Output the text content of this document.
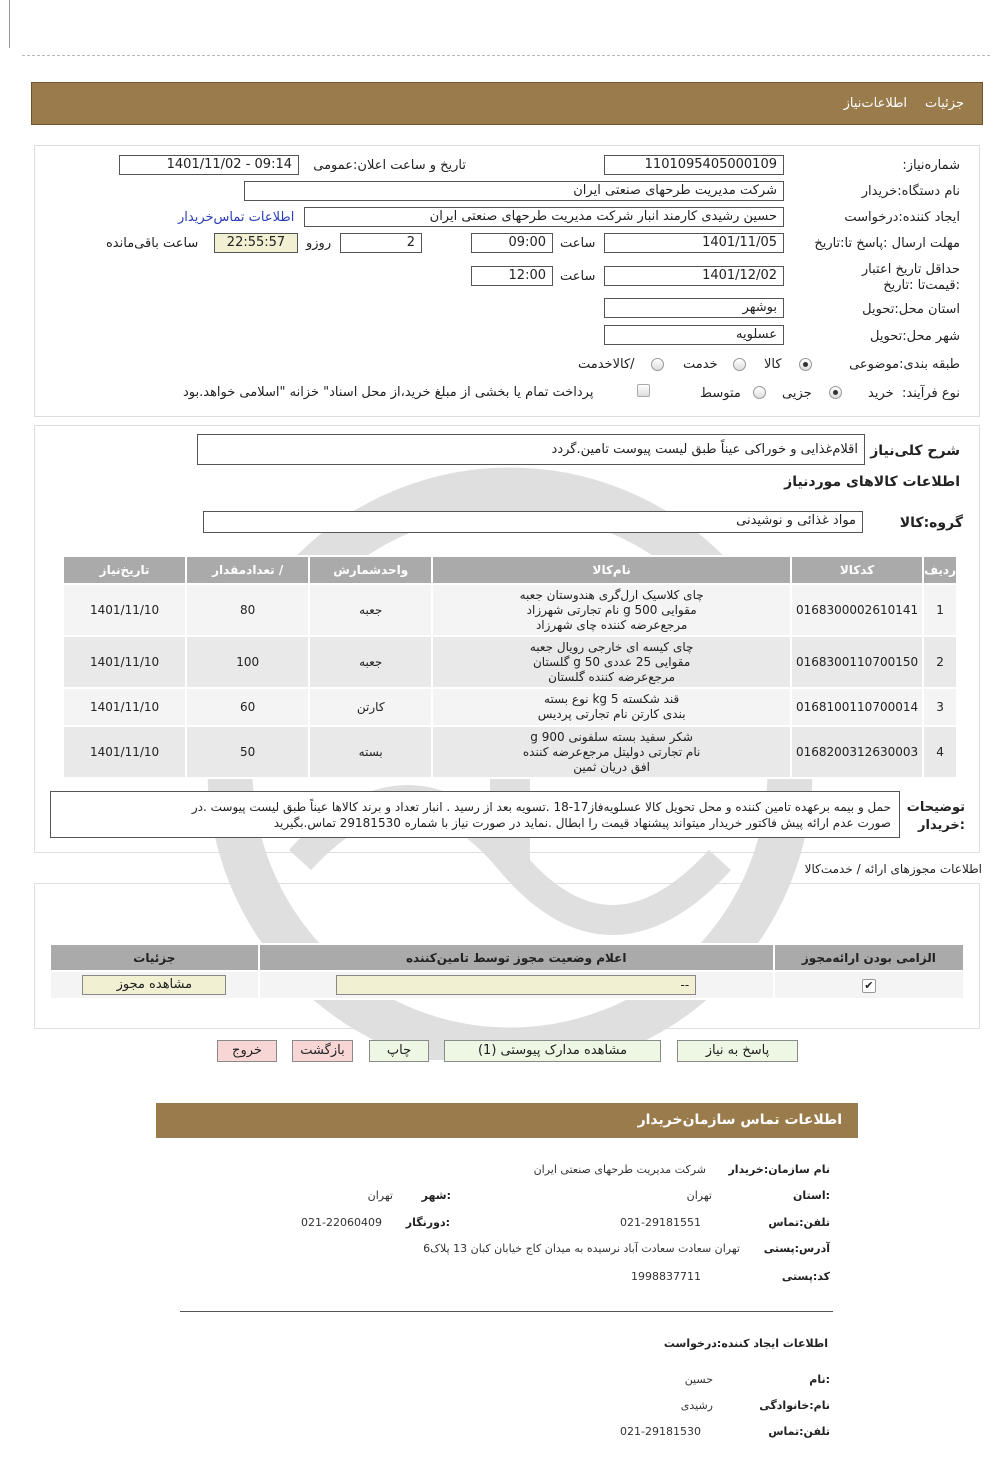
جزئیات
اطلاعات‌نیاز
شماره‌نیاز:
1101095405000109
تاریخ و ساعت اعلان‌:عمومی
1401/11/02 - 09:14
نام دستگاه‌:خریدار
شرکت مدیریت طرحهای صنعتی ایران
ایجاد کننده‌:درخواست
حسین رشیدی کارمند انبار شرکت مدیریت طرحهای صنعتی ایران
اطلاعات تماس‌خریدار
مهلت ارسال ‌:پاسخ تا‌:تاریخ
1401/11/05
ساعت
09:00
2
روزو
22:55:57
ساعت باقی‌مانده
حداقل تاریخ اعتبار ‌:قیمت‌تا :تاریخ
1401/12/02
ساعت
12:00
استان محل‌:تحویل
بوشهر
شهر محل‌:تحویل
عسلویه
طبقه بندی‌:موضوعی
کالا
خدمت
/کالاخدمت
نوع فرآیند‌:
خرید
جزیی
متوسط
پرداخت تمام یا بخشی از مبلغ خرید،از محل اسناد" خزانه "اسلامی خواهد.بود
شرح کلی‌نیاز
اقلام‌غذایی و خوراکی عیناً طبق لیست پیوست تامین.گردد
اطلاعات کالاهای مورد‌نیاز
گروه‌:کالا
مواد غذائی و نوشیدنی
ردیف	کدکالا	نام‌کالا	واحد‌شمارش	/ تعدادمقدار	تاریخ‌نیاز
1	0168300002610141	چای کلاسیک ارل‌گری هندوستان جعبه
مقوایی 500 g نام تجارتی شهرزاد
مرجع‌عرضه کننده چای شهرزاد	جعبه	80	1401/11/10
2	0168300110700150	چای کیسه ای خارجی رویال جعبه
مقوایی 25 عددی 50 g گلستان
مرجع‌عرضه کننده گلستان	جعبه	100	1401/11/10
3	0168100110700014	قند شکسته 5 kg نوع بسته
بندی کارتن نام تجارتی پردیس	کارتن	60	1401/11/10
4	0168200312630003	شکر سفید بسته سلفونی 900 g
نام تجارتی دولیتل مرجع‌عرضه کننده
افق دریان ثمین	بسته	50	1401/11/10
توضیحات
:خریدار
حمل و بیمه برعهده تامین کننده و محل تحویل کالا عسلویه‌فاز17-18 .تسویه بعد از رسید . انبار تعداد و برند کالاها عیناً طبق لیست پیوست .در
صورت عدم ارائه پیش فاکتور خریدار میتواند پیشنهاد قیمت را ابطال .نماید در صورت نیاز با شماره 29181530 تماس.بگیرید
اطلاعات مجوزهای ارائه / خدمت‌کالا
الزامی بودن ارائه‌مجوز	اعلام وضعیت مجوز توسط تامین‌کننده	جزئیات
✔	--	مشاهده مجوز
پاسخ به نیاز
مشاهده مدارک پیوستی (1)
چاپ
بازگشت
خروج
اطلاعات تماس سازمان‌خریدار
نام سازمان‌:خریدار
شرکت مدیریت طرحهای صنعتی ایران
:استان
تهران
:شهر
تهران
تلفن‌:تماس
021-29181551
:دورنگار
021-22060409
آدرس‌:پستی
تهران سعادت سعادت آباد نرسیده به میدان کاج خیابان کبان 13 پلاک6
کد‌:پستی
1998837711
اطلاعات ایجاد کننده‌:درخواست
:نام
حسین
نام‌:خانوادگی
رشیدی
تلفن‌:تماس
021-29181530
